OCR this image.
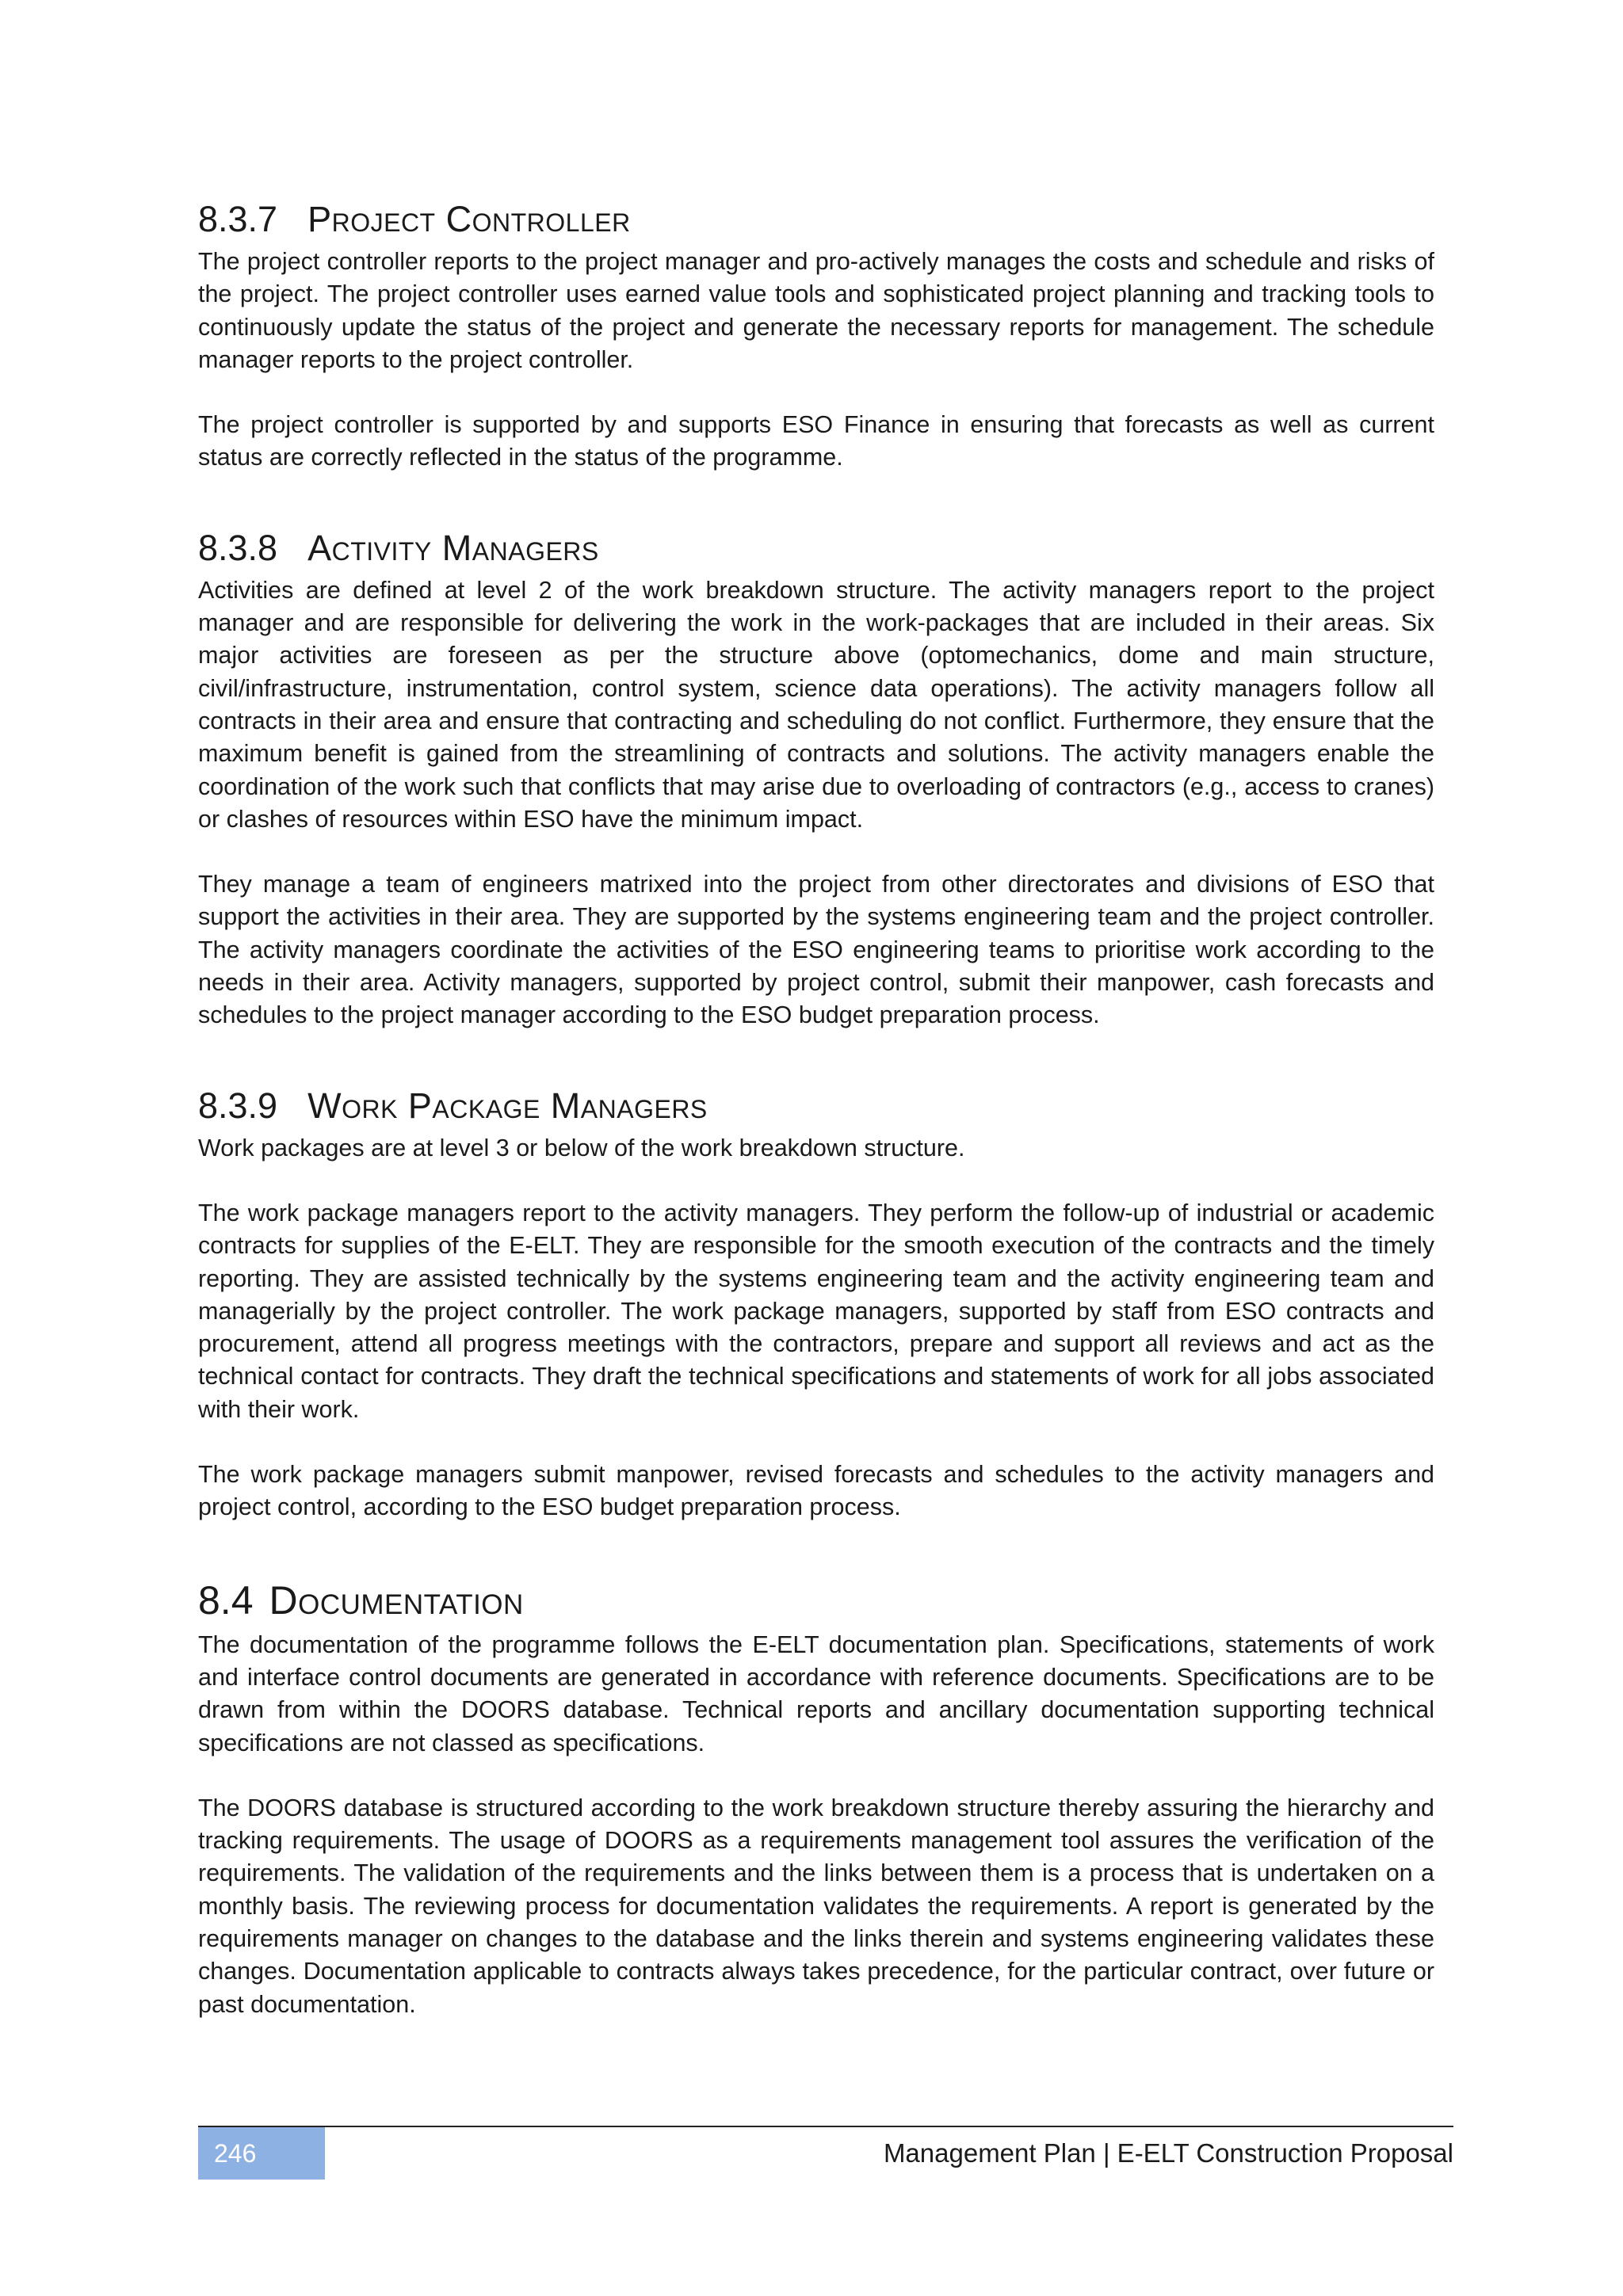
8.3.7 Project Controller

The project controller reports to the project manager and pro-actively manages the costs and schedule and risks of the project. The project controller uses earned value tools and sophisticated project planning and tracking tools to continuously update the status of the project and generate the necessary reports for management. The schedule manager reports to the project controller.

The project controller is supported by and supports ESO Finance in ensuring that forecasts as well as current status are correctly reflected in the status of the programme.

8.3.8 Activity Managers

Activities are defined at level 2 of the work breakdown structure. The activity managers report to the project manager and are responsible for delivering the work in the work-packages that are included in their areas. Six major activities are foreseen as per the structure above (optomechanics, dome and main structure, civil/infrastructure, instrumentation, control system, science data operations). The activity managers follow all contracts in their area and ensure that contracting and scheduling do not conflict. Furthermore, they ensure that the maximum benefit is gained from the streamlining of contracts and solutions. The activity managers enable the coordination of the work such that conflicts that may arise due to overloading of contractors (e.g., access to cranes) or clashes of resources within ESO have the minimum impact.

They manage a team of engineers matrixed into the project from other directorates and divisions of ESO that support the activities in their area. They are supported by the systems engineering team and the project controller. The activity managers coordinate the activities of the ESO engineering teams to prioritise work according to the needs in their area. Activity managers, supported by project control, submit their manpower, cash forecasts and schedules to the project manager according to the ESO budget preparation process.

8.3.9 Work Package Managers

Work packages are at level 3 or below of the work breakdown structure.

The work package managers report to the activity managers. They perform the follow-up of industrial or academic contracts for supplies of the E-ELT. They are responsible for the smooth execution of the contracts and the timely reporting. They are assisted technically by the systems engineering team and the activity engineering team and managerially by the project controller. The work package managers, supported by staff from ESO contracts and procurement, attend all progress meetings with the contractors, prepare and support all reviews and act as the technical contact for contracts. They draft the technical specifications and statements of work for all jobs associated with their work.

The work package managers submit manpower, revised forecasts and schedules to the activity managers and project control, according to the ESO budget preparation process.

8.4 Documentation

The documentation of the programme follows the E-ELT documentation plan. Specifications, statements of work and interface control documents are generated in accordance with reference documents. Specifications are to be drawn from within the DOORS database. Technical reports and ancillary documentation supporting technical specifications are not classed as specifications.

The DOORS database is structured according to the work breakdown structure thereby assuring the hierarchy and tracking requirements. The usage of DOORS as a requirements management tool assures the verification of the requirements. The validation of the requirements and the links between them is a process that is undertaken on a monthly basis. The reviewing process for documentation validates the requirements. A report is generated by the requirements manager on changes to the database and the links therein and systems engineering validates these changes. Documentation applicable to contracts always takes precedence, for the particular contract, over future or past documentation.

246	Management Plan | E-ELT Construction Proposal
